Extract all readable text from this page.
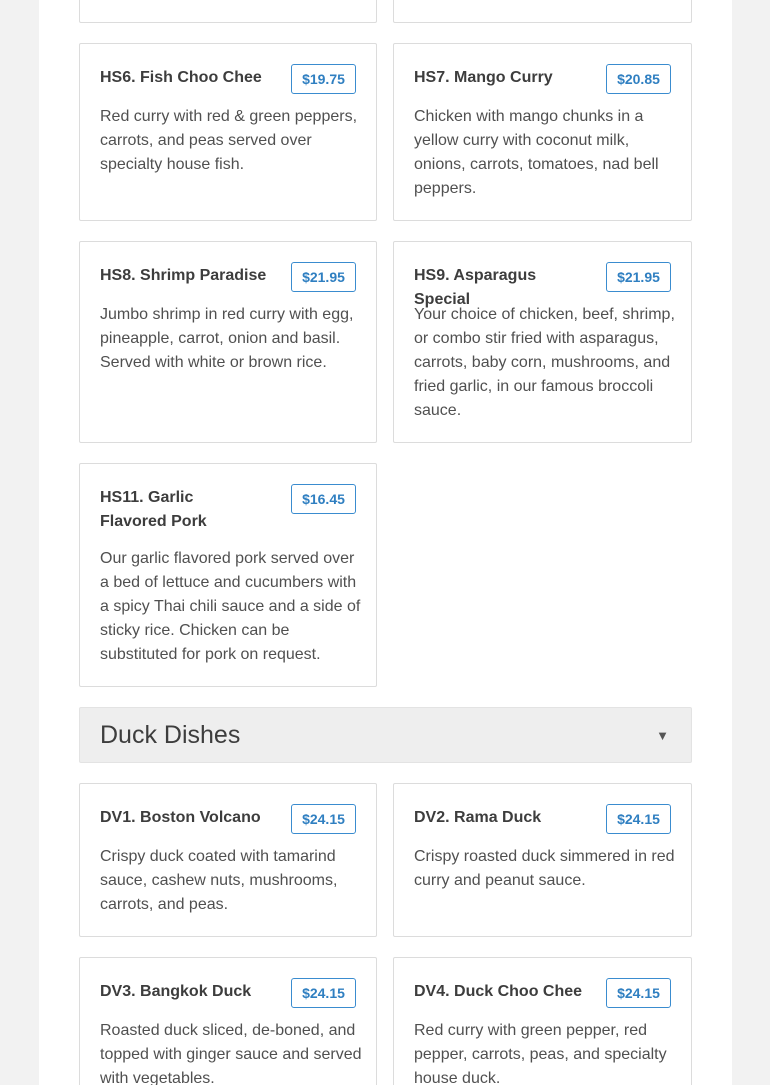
HS6. Fish Choo Chee	$19.75
Red curry with red & green peppers, carrots, and peas served over specialty house fish.
HS7. Mango Curry	$20.85
Chicken with mango chunks in a yellow curry with coconut milk, onions, carrots, tomatoes, nad bell peppers.
HS8. Shrimp Paradise	$21.95
Jumbo shrimp in red curry with egg, pineapple, carrot, onion and basil. Served with white or brown rice.
HS9. Asparagus Special
$21.95
Your choice of chicken, beef, shrimp, or combo stir fried with asparagus, carrots, baby corn, mushrooms, and fried garlic, in our famous broccoli sauce.
HS11. Garlic Flavored Pork
$16.45
Our garlic flavored pork served over a bed of lettuce and cucumbers with a spicy Thai chili sauce and a side of sticky rice. Chicken can be substituted for pork on request.
Duck Dishes	▼
DV1. Boston Volcano	$24.15
Crispy duck coated with tamarind sauce, cashew nuts, mushrooms, carrots, and peas.
DV2. Rama Duck	$24.15
Crispy roasted duck simmered in red curry and peanut sauce.
DV3. Bangkok Duck	$24.15
Roasted duck sliced, de-boned, and topped with ginger sauce and served with vegetables.
DV4. Duck Choo Chee	$24.15
Red curry with green pepper, red pepper, carrots, peas, and specialty house duck.
